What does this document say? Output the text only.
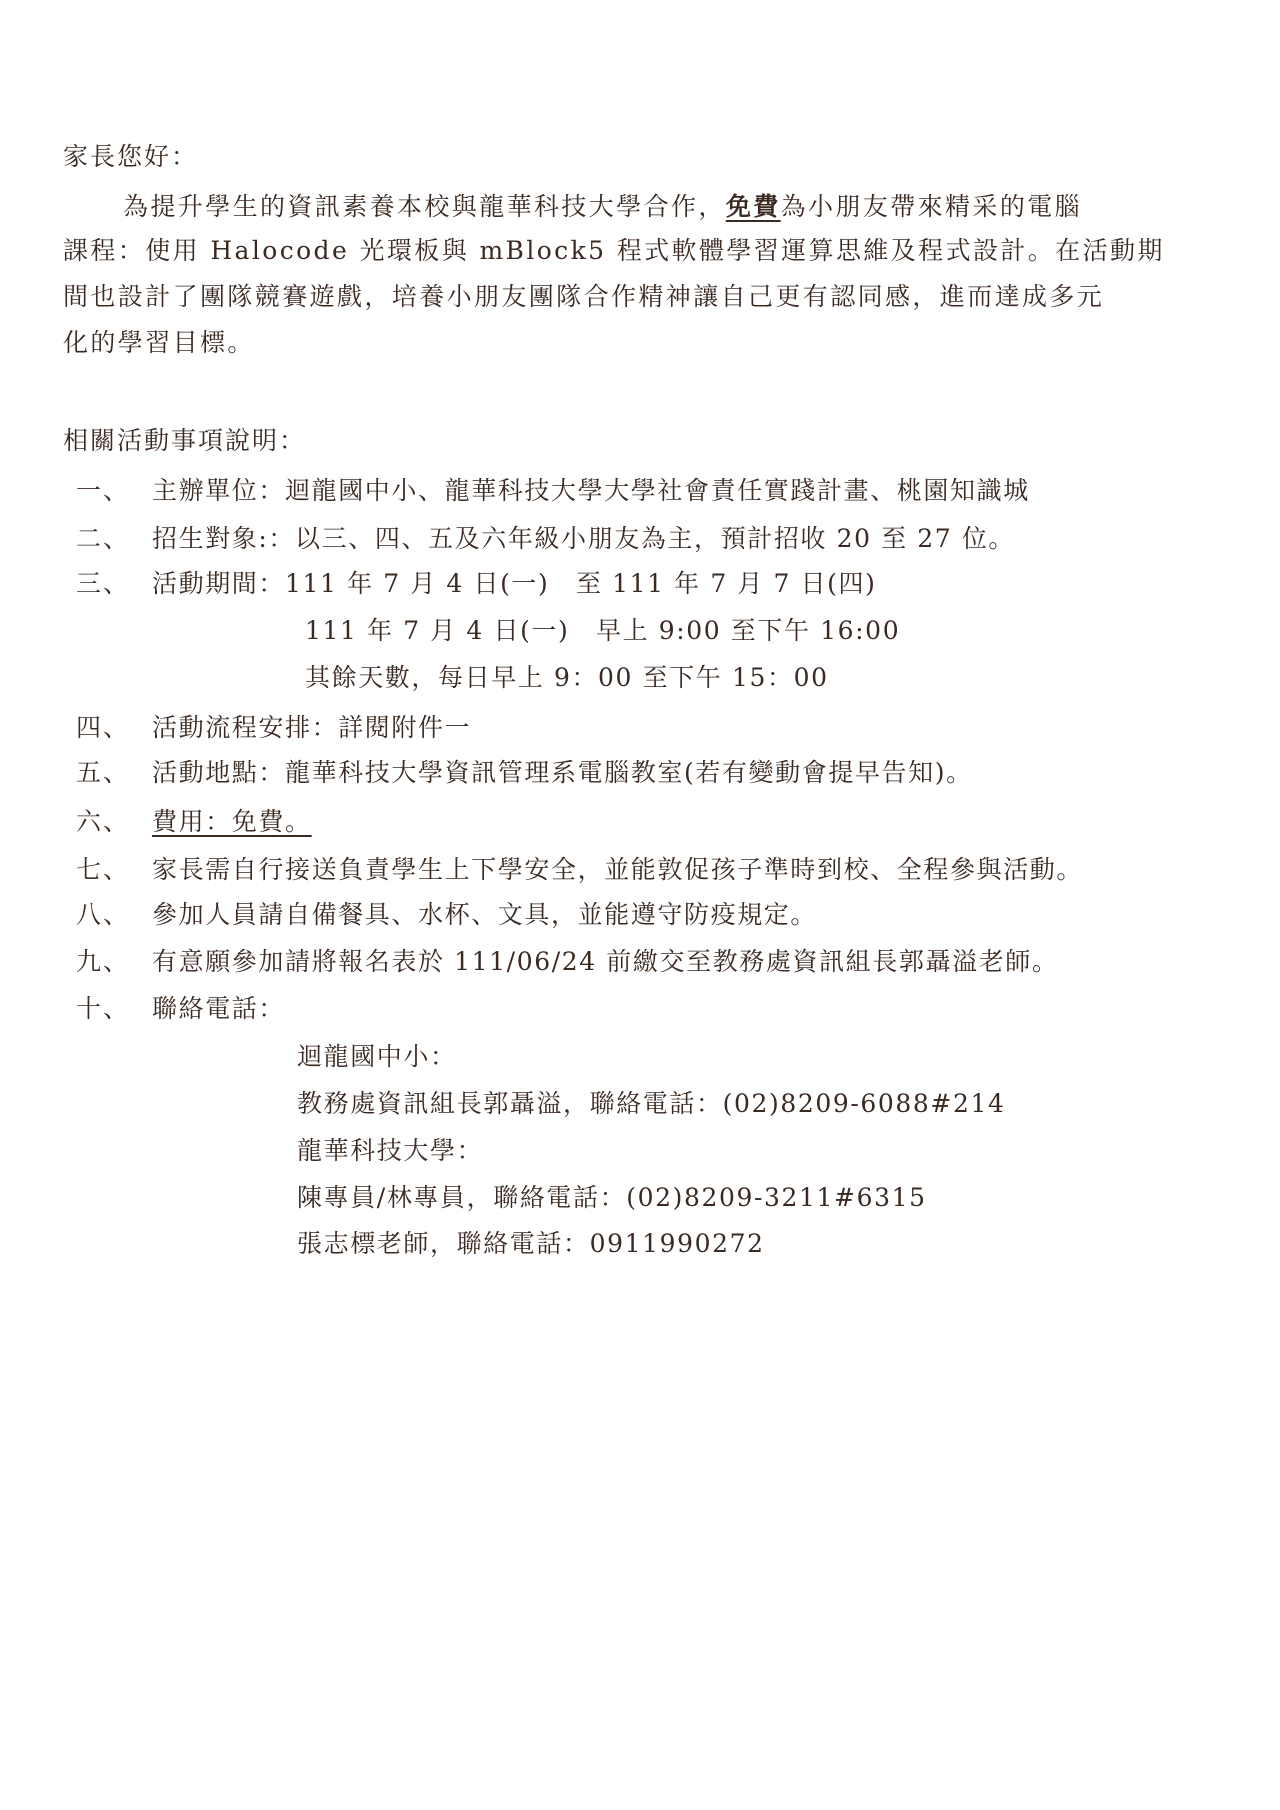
家長您好：
為提升學生的資訊素養本校與龍華科技大學合作，免費為小朋友帶來精采的電腦
課程：使用 Halocode 光環板與 mBlock5 程式軟體學習運算思維及程式設計。在活動期
間也設計了團隊競賽遊戲，培養小朋友團隊合作精神讓自己更有認同感，進而達成多元
化的學習目標。
相關活動事項說明：
一、 主辦單位：迴龍國中小、龍華科技大學大學社會責任實踐計畫、桃園知識城
二、 招生對象:：以三、四、五及六年級小朋友為主，預計招收 20 至 27 位。
三、 活動期間：111 年 7 月 4 日(一)　至 111 年 7 月 7 日(四)
111 年 7 月 4 日(一)　早上 9:00 至下午 16:00
其餘天數，每日早上 9：00 至下午 15：00
四、 活動流程安排：詳閱附件一
五、 活動地點：龍華科技大學資訊管理系電腦教室(若有變動會提早告知)。
六、 費用：免費。
七、 家長需自行接送負責學生上下學安全，並能敦促孩子準時到校、全程參與活動。
八、 參加人員請自備餐具、水杯、文具，並能遵守防疫規定。
九、 有意願參加請將報名表於 111/06/24 前繳交至教務處資訊組長郭聶溢老師。
十、 聯絡電話：
迴龍國中小：
教務處資訊組長郭聶溢，聯絡電話：(02)8209-6088#214
龍華科技大學：
陳專員/林專員，聯絡電話：(02)8209-3211#6315
張志標老師，聯絡電話：0911990272
